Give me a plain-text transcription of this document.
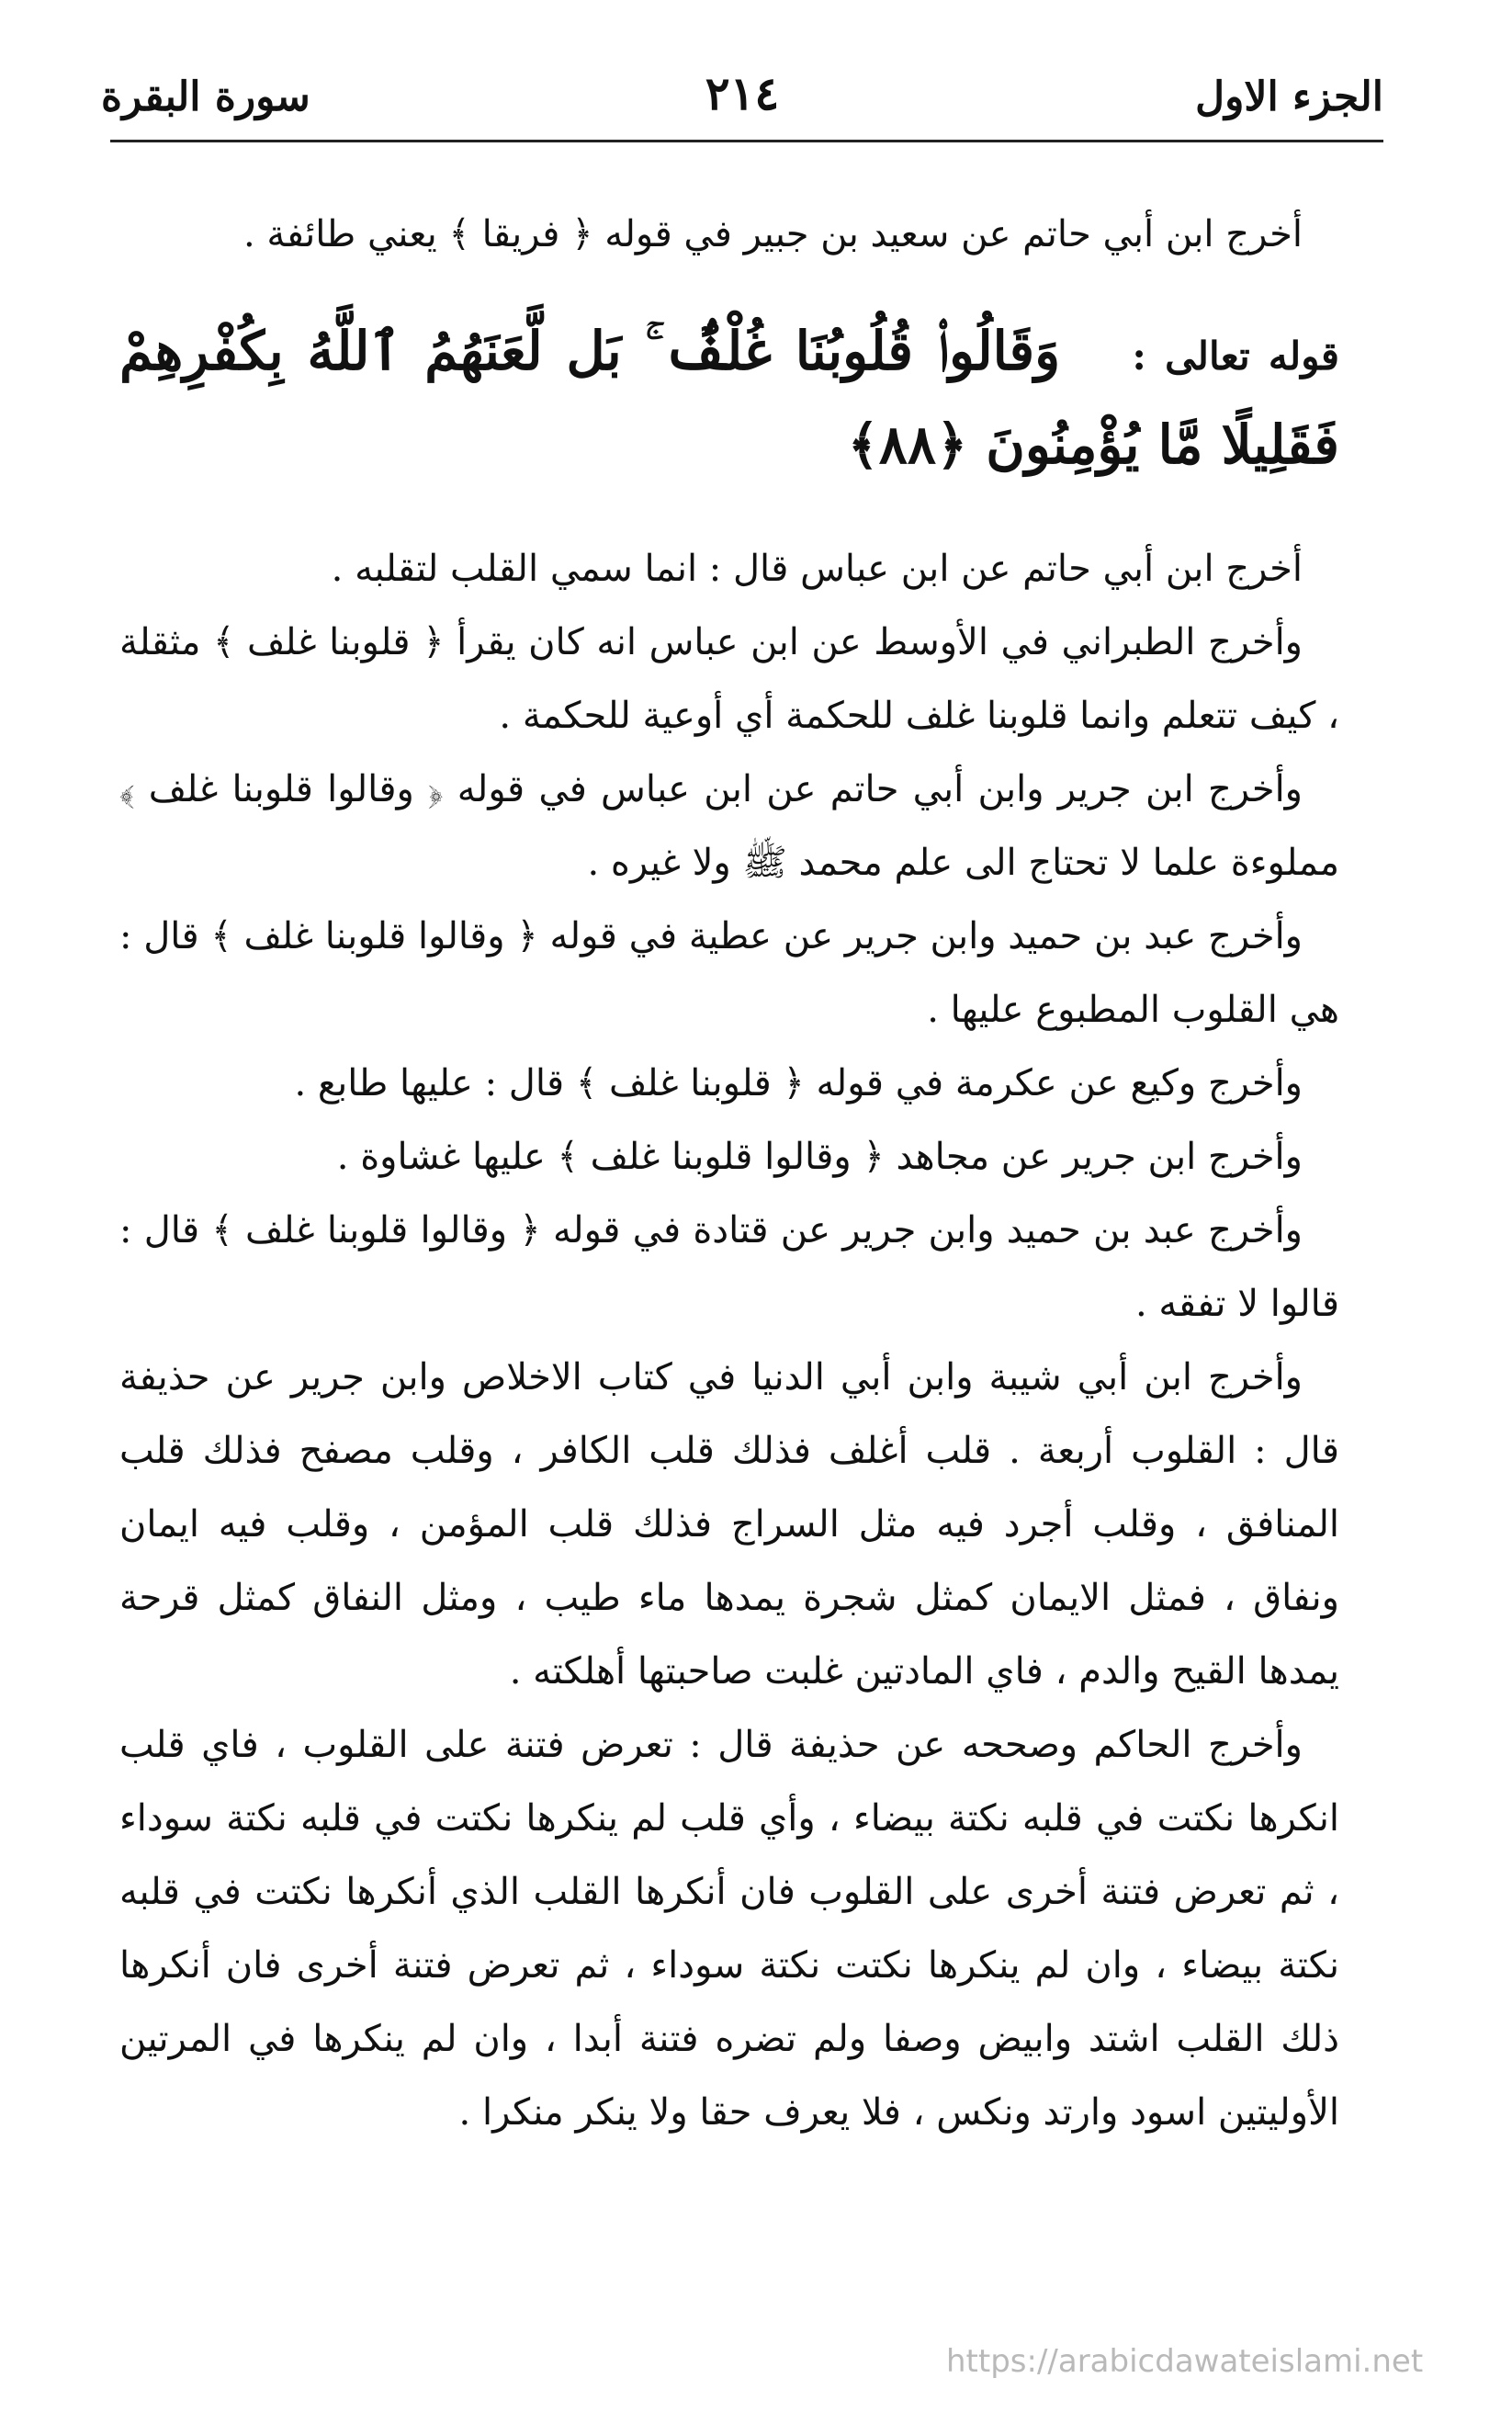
الجزء الاول
٢١٤
سورة البقرة

أخرج ابن أبي حاتم عن سعيد بن جبير في قوله ﴿ فريقا ﴾ يعني طائفة .

قوله تعالى : وَقَالُوا۟ قُلُوبُنَا غُلْفٌۢ ۚ بَل لَّعَنَهُمُ ٱللَّهُ بِكُفْرِهِمْ فَقَلِيلًا مَّا يُؤْمِنُونَ ﴿٨٨﴾

أخرج ابن أبي حاتم عن ابن عباس قال : انما سمي القلب لتقلبه .

وأخرج الطبراني في الأوسط عن ابن عباس انه كان يقرأ ﴿ قلوبنا غلف ﴾ مثقلة ، كيف تتعلم وانما قلوبنا غلف للحكمة أي أوعية للحكمة .

وأخرج ابن جرير وابن أبي حاتم عن ابن عباس في قوله ﴿ وقالوا قلوبنا غلف ﴾ مملوءة علما لا تحتاج الى علم محمد ﷺ ولا غيره .

وأخرج عبد بن حميد وابن جرير عن عطية في قوله ﴿ وقالوا قلوبنا غلف ﴾ قال : هي القلوب المطبوع عليها .

وأخرج وكيع عن عكرمة في قوله ﴿ قلوبنا غلف ﴾ قال : عليها طابع .

وأخرج ابن جرير عن مجاهد ﴿ وقالوا قلوبنا غلف ﴾ عليها غشاوة .

وأخرج عبد بن حميد وابن جرير عن قتادة في قوله ﴿ وقالوا قلوبنا غلف ﴾ قال : قالوا لا تفقه .

وأخرج ابن أبي شيبة وابن أبي الدنيا في كتاب الاخلاص وابن جرير عن حذيفة قال : القلوب أربعة . قلب أغلف فذلك قلب الكافر ، وقلب مصفح فذلك قلب المنافق ، وقلب أجرد فيه مثل السراج فذلك قلب المؤمن ، وقلب فيه ايمان ونفاق ، فمثل الايمان كمثل شجرة يمدها ماء طيب ، ومثل النفاق كمثل قرحة يمدها القيح والدم ، فاي المادتين غلبت صاحبتها أهلكته .

وأخرج الحاكم وصححه عن حذيفة قال : تعرض فتنة على القلوب ، فاي قلب انكرها نكتت في قلبه نكتة بيضاء ، وأي قلب لم ينكرها نكتت في قلبه نكتة سوداء ، ثم تعرض فتنة أخرى على القلوب فان أنكرها القلب الذي أنكرها نكتت في قلبه نكتة بيضاء ، وان لم ينكرها نكتت نكتة سوداء ، ثم تعرض فتنة أخرى فان أنكرها ذلك القلب اشتد وابيض وصفا ولم تضره فتنة أبدا ، وان لم ينكرها في المرتين الأوليتين اسود وارتد ونكس ، فلا يعرف حقا ولا ينكر منكرا .

https://arabicdawateislami.net
